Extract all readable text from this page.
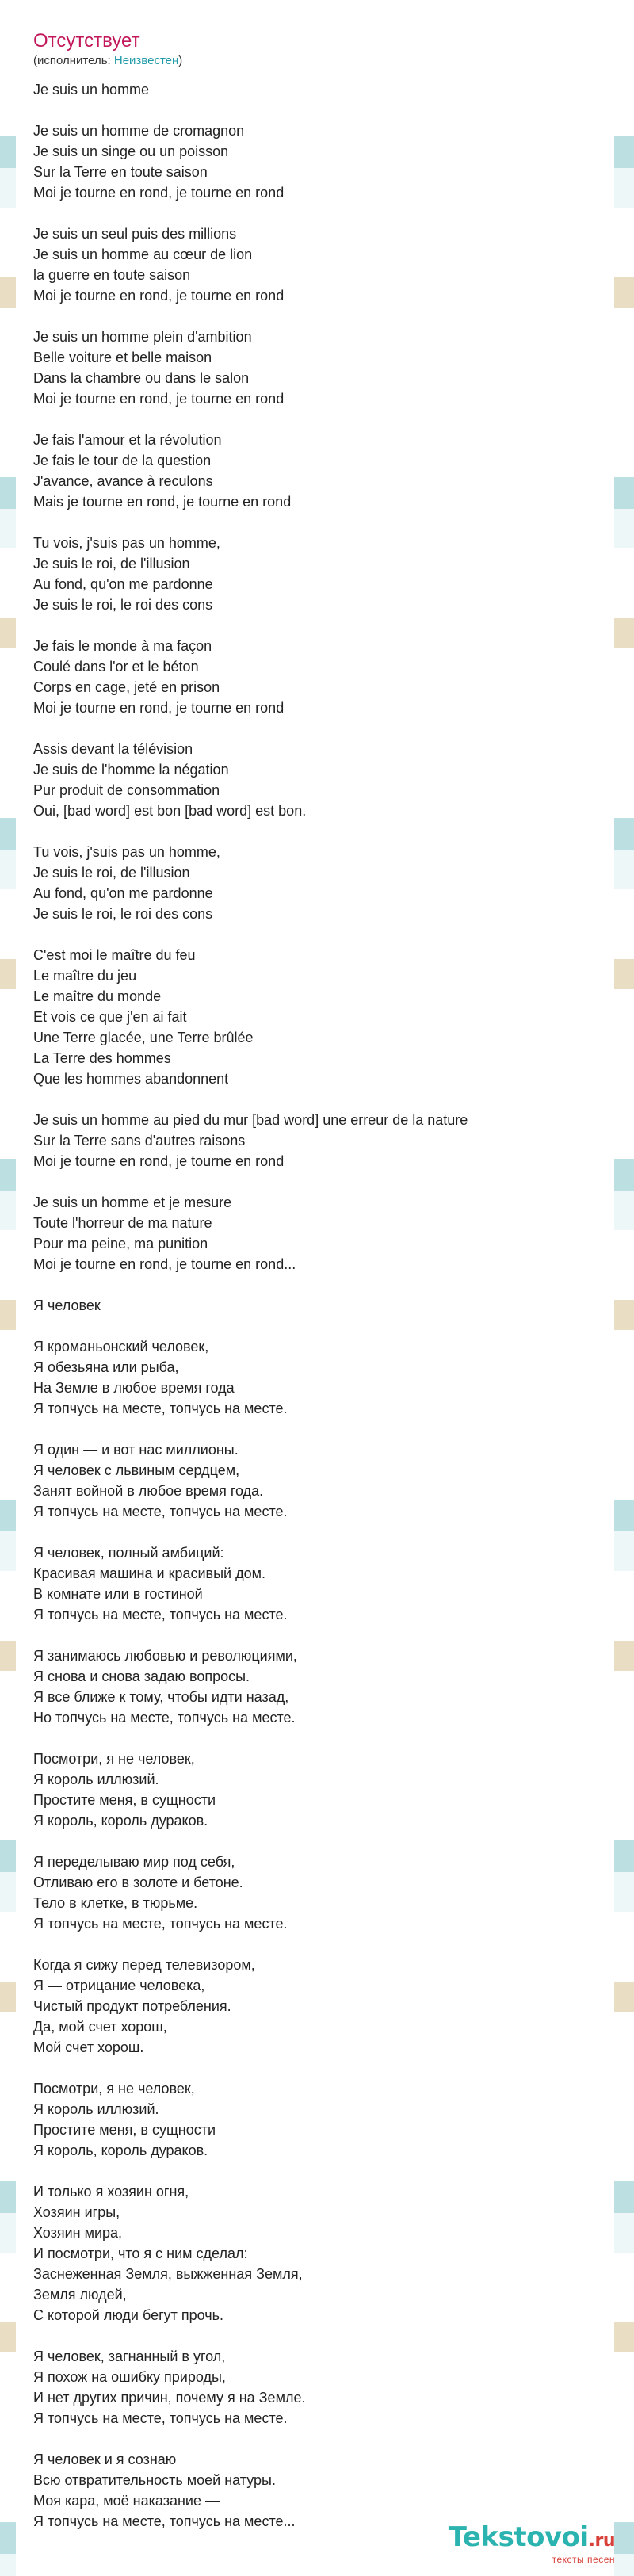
Отсутствует
(исполнитель: Неизвестен)
Je suis un homme
Je suis un homme de cromagnon
Je suis un singe ou un poisson
Sur la Terre en toute saison
Moi je tourne en rond, je tourne en rond
Je suis un seul puis des millions
Je suis un homme au cœur de lion
la guerre en toute saison
Moi je tourne en rond, je tourne en rond
Je suis un homme plein d'ambition
Belle voiture et belle maison
Dans la chambre ou dans le salon
Moi je tourne en rond, je tourne en rond
Je fais l'amour et la révolution
Je fais le tour de la question
J'avance, avance à reculons
Mais je tourne en rond, je tourne en rond
Tu vois, j'suis pas un homme,
Je suis le roi, de l'illusion
Au fond, qu'on me pardonne
Je suis le roi, le roi des cons
Je fais le monde à ma façon
Coulé dans l'or et le béton
Corps en cage, jeté en prison
Moi je tourne en rond, je tourne en rond
Assis devant la télévision
Je suis de l'homme la négation
Pur produit de consommation
Oui, [bad word] est bon [bad word] est bon.
Tu vois, j'suis pas un homme,
Je suis le roi, de l'illusion
Au fond, qu'on me pardonne
Je suis le roi, le roi des cons
C'est moi le maître du feu
Le maître du jeu
Le maître du monde
Et vois ce que j'en ai fait
Une Terre glacée, une Terre brûlée
La Terre des hommes
Que les hommes abandonnent
Je suis un homme au pied du mur [bad word] une erreur de la nature
Sur la Terre sans d'autres raisons
Moi je tourne en rond, je tourne en rond
Je suis un homme et je mesure
Toute l'horreur de ma nature
Pour ma peine, ma punition
Moi je tourne en rond, je tourne en rond...
Я человек
Я кроманьонский человек,
Я обезьяна или рыба,
На Земле в любое время года
Я топчусь на месте, топчусь на месте.
Я один — и вот нас миллионы.
Я человек с львиным сердцем,
Занят войной в любое время года.
Я топчусь на месте, топчусь на месте.
Я человек, полный амбиций:
Красивая машина и красивый дом.
В комнате или в гостиной
Я топчусь на месте, топчусь на месте.
Я занимаюсь любовью и революциями,
Я снова и снова задаю вопросы.
Я все ближе к тому, чтобы идти назад,
Но топчусь на месте, топчусь на месте.
Посмотри, я не человек,
Я король иллюзий.
Простите меня, в сущности
Я король, король дураков.
Я переделываю мир под себя,
Отливаю его в золоте и бетоне.
Тело в клетке, в тюрьме.
Я топчусь на месте, топчусь на месте.
Когда я сижу перед телевизором,
Я — отрицание человека,
Чистый продукт потребления.
Да, мой счет хорош,
Мой счет хорош.
Посмотри, я не человек,
Я король иллюзий.
Простите меня, в сущности
Я король, король дураков.
И только я хозяин огня,
Хозяин игры,
Хозяин мира,
И посмотри, что я с ним сделал:
Заснеженная Земля, выжженная Земля,
Земля людей,
С которой люди бегут прочь.
Я человек, загнанный в угол,
Я похож на ошибку природы,
И нет других причин, почему я на Земле.
Я топчусь на месте, топчусь на месте.
Я человек и я сознаю
Всю отвратительность моей натуры.
Моя кара, моё наказание —
Я топчусь на месте, топчусь на месте...	Tekstovoi.ru
тексты песен
